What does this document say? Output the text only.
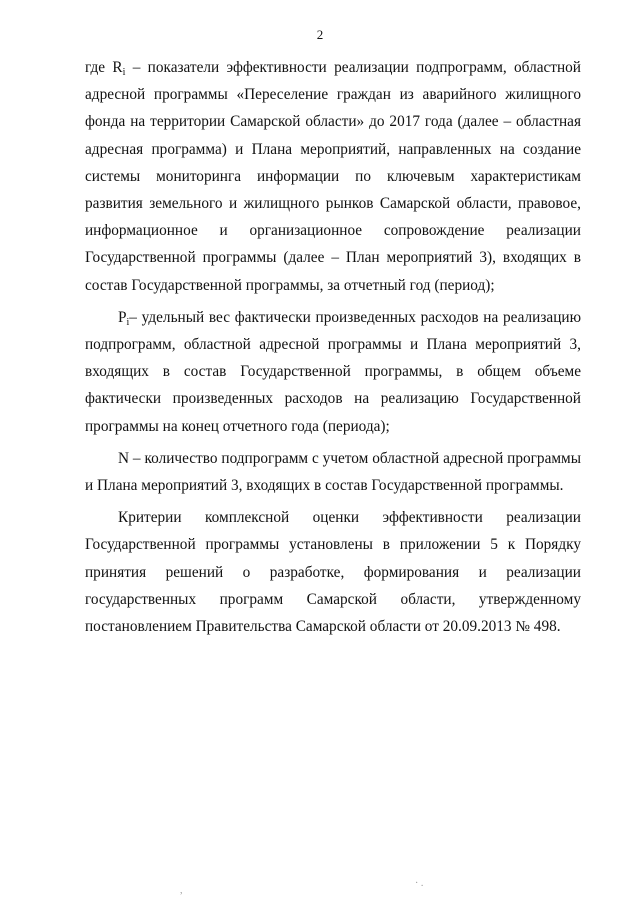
2

где $R_i$ – показатели эффективности реализации подпрограмм, областной адресной программы «Переселение граждан из аварийного жилищного фонда на территории Самарской области» до 2017 года (далее – областная адресная программа) и Плана мероприятий, направленных на создание системы мониторинга информации по ключевым характеристикам развития земельного и жилищного рынков Самарской области, правовое, информационное и организационное сопровождение реализации Государственной программы (далее – План мероприятий 3), входящих в состав Государственной программы, за отчетный год (период);

$P_i-$ удельный вес фактически произведенных расходов на реализацию подпрограмм, областной адресной программы и Плана мероприятий 3, входящих в состав Государственной программы, в общем объеме фактически произведенных расходов на реализацию Государственной программы на конец отчетного года (периода);

N – количество подпрограмм с учетом областной адресной программы и Плана мероприятий 3, входящих в состав Государственной программы.

Критерии комплексной оценки эффективности реализации Государственной программы установлены в приложении 5 к Порядку принятия решений о разработке, формирования и реализации государственных программ Самарской области, утвержденному постановлением Правительства Самарской области от 20.09.2013 № 498.

· .
,
